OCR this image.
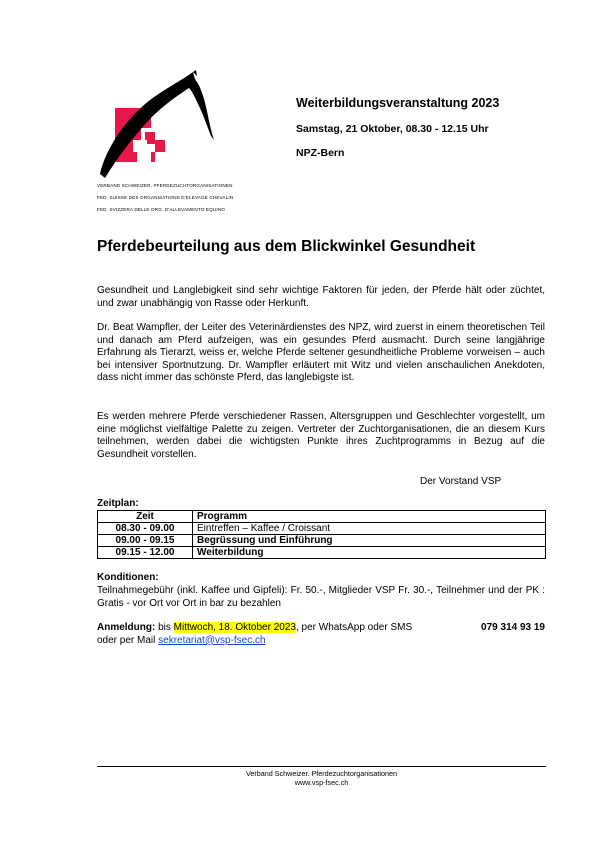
VERBAND SCHWEIZER. PFERDEZUCHTORGANISATIONEN
FED. SUISSE DES ORGANISATIONS D'ELEVAGE CHEVALIN
FED. SVIZZERA DELLE ORG. D'ALLEVAMENTO EQUINO
Weiterbildungsveranstaltung 2023
Samstag, 21 Oktober, 08.30 - 12.15 Uhr
NPZ-Bern
Pferdebeurteilung aus dem Blickwinkel Gesundheit
Gesundheit und Langlebigkeit sind sehr wichtige Faktoren für jeden, der Pferde hält oder züchtet, und zwar unabhängig von Rasse oder Herkunft.
Dr. Beat Wampfler, der Leiter des Veterinärdienstes des NPZ, wird zuerst in einem theoretischen Teil und danach am Pferd aufzeigen, was ein gesundes Pferd ausmacht. Durch seine langjährige Erfahrung als Tierarzt, weiss er, welche Pferde seltener gesundheitliche Probleme vorweisen – auch bei intensiver Sportnutzung. Dr. Wampfler erläutert mit Witz und vielen anschaulichen Anekdoten, dass nicht immer das schönste Pferd, das langlebigste ist.
Es werden mehrere Pferde verschiedener Rassen, Altersgruppen und Geschlechter vorgestellt, um eine möglichst vielfältige Palette zu zeigen. Vertreter der Zuchtorganisationen, die an diesem Kurs teilnehmen, werden dabei die wichtigsten Punkte ihres Zuchtprogramms in Bezug auf die Gesundheit vorstellen.
Der Vorstand VSP
Zeitplan:
Zeit	Programm
08.30 - 09.00	Eintreffen – Kaffee / Croissant
09.00 - 09.15	Begrüssung und Einführung
09.15 - 12.00	Weiterbildung
Konditionen:
Teilnahmegebühr (inkl. Kaffee und Gipfeli): Fr. 50.-, Mitglieder VSP Fr. 30.-, Teilnehmer und der PK : Gratis - vor Ort vor Ort in bar zu bezahlen
Anmeldung: bis Mittwoch, 18. Oktober 2023, per WhatsApp oder SMS	079 314 93 19
oder per Mail sekretariat@vsp-fsec.ch
Verband Schweizer. Pferdezuchtorganisationen
www.vsp-fsec.ch
